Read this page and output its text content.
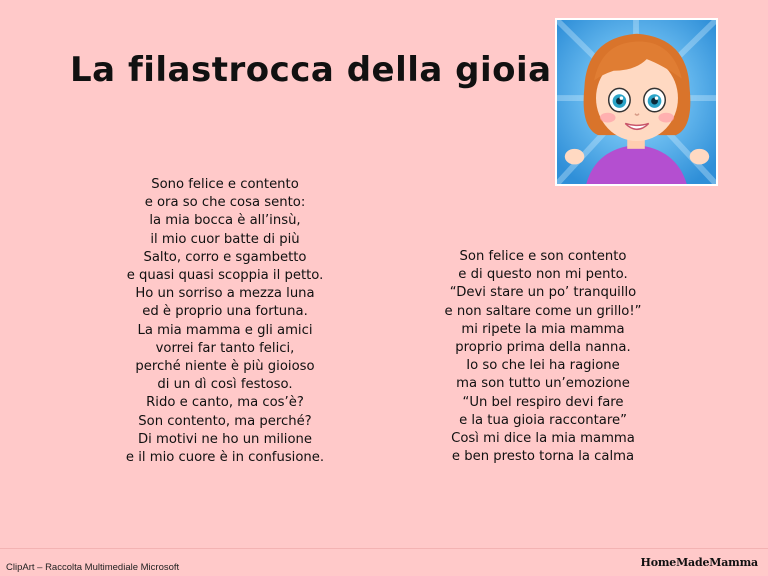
La filastrocca della gioia
Sono felice e contento
e ora so che cosa sento:
la mia bocca è all’insù,
il mio cuor batte di più
Salto, corro e sgambetto
e quasi quasi scoppia il petto.
Ho un sorriso a mezza luna
ed è proprio una fortuna.
La mia mamma e gli amici
vorrei far tanto felici,
perché niente è più gioioso
di un dì così festoso.
Rido e canto, ma cos’è?
Son contento, ma perché?
Di motivi ne ho un milione
e il mio cuore è in confusione.
Son felice e son contento
e di questo non mi pento.
“Devi stare un po’ tranquillo
e non saltare come un grillo!”
mi ripete la mia mamma
proprio prima della nanna.
Io so che lei ha ragione
ma son tutto un’emozione
“Un bel respiro devi fare
e la tua gioia raccontare”
Così mi dice la mia mamma
e ben presto torna la calma
ClipArt – Raccolta Multimediale Microsoft	HomeMadeMamma
